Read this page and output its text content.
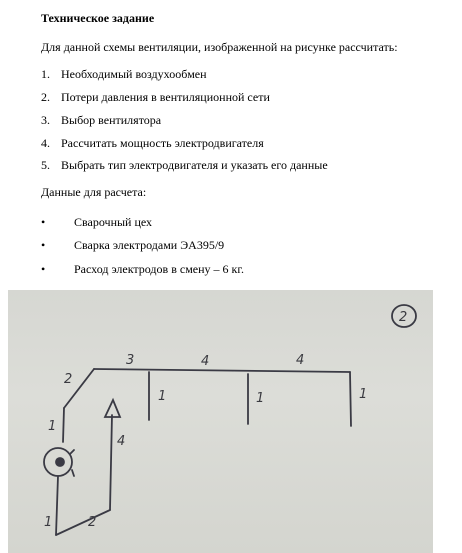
Техническое задание
Для данной схемы вентиляции, изображенной на рисунке рассчитать:
1. Необходимый воздухообмен
2. Потери давления в вентиляционной сети
3. Выбор вентилятора
4. Рассчитать мощность электродвигателя
5. Выбрать тип электродвигателя и указать его данные
Данные для расчета:
• Сварочный цех
• Сварка электродами ЭА395/9
• Расход электродов в смену – 6 кг.
2
2
3	4	4
1	1	1
1
1	2
4
